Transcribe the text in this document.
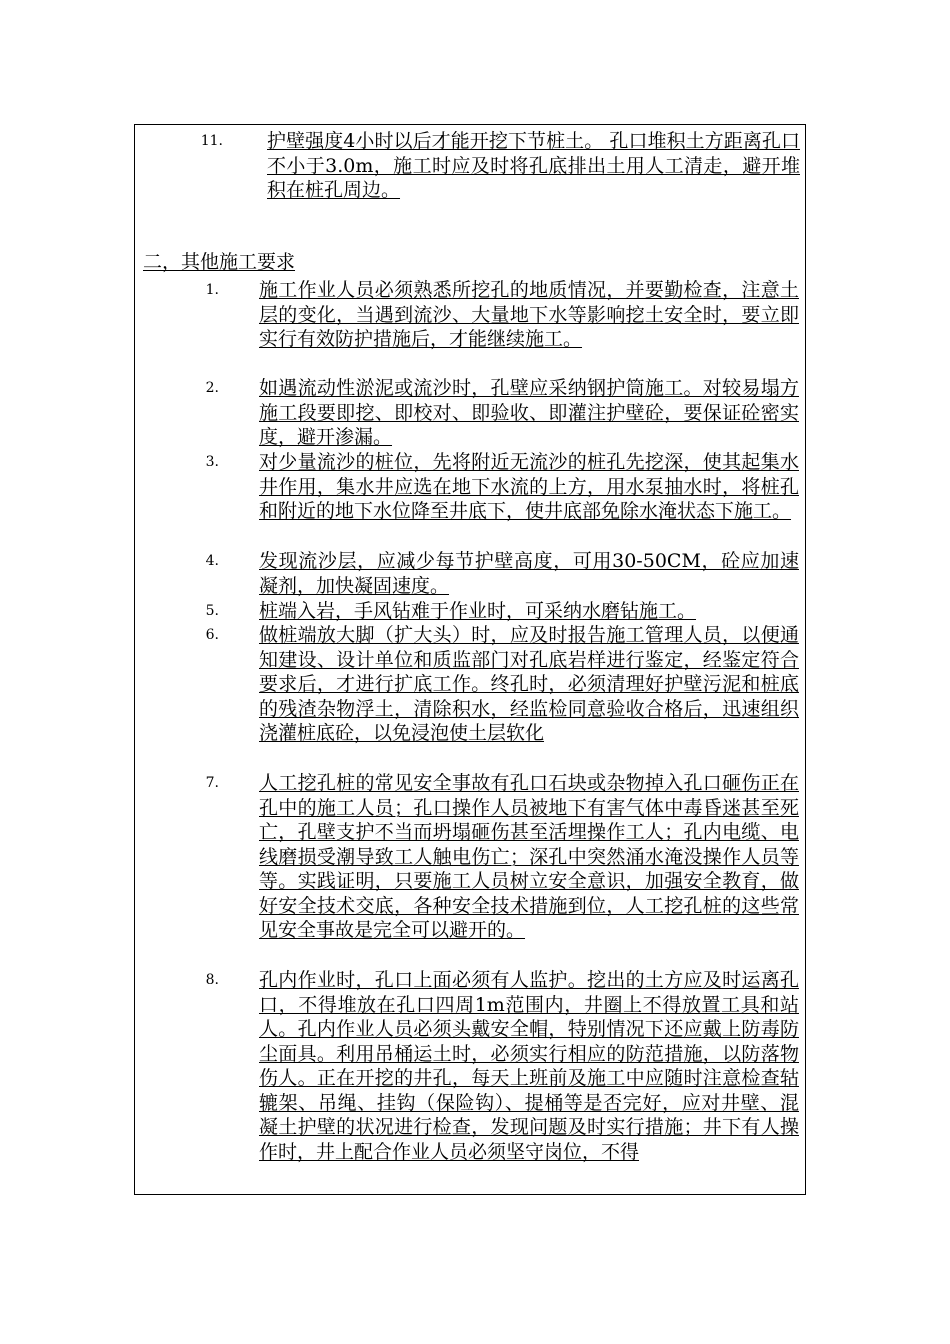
11. 护壁强度4小时以后才能开挖下节桩土。 孔口堆积土方距离孔口不小于3.0m，施工时应及时将孔底排出土用人工清走，避开堆积在桩孔周边。
二，其他施工要求
1. 施工作业人员必须熟悉所挖孔的地质情况，并要勤检查，注意土层的变化，当遇到流沙、大量地下水等影响挖土安全时，要立即实行有效防护措施后，才能继续施工。
2. 如遇流动性淤泥或流沙时，孔壁应采纳钢护筒施工。对较易塌方施工段要即挖、即校对、即验收、即灌注护壁砼，要保证砼密实度，避开渗漏。
3. 对少量流沙的桩位，先将附近无流沙的桩孔先挖深，使其起集水井作用，集水井应选在地下水流的上方，用水泵抽水时，将桩孔和附近的地下水位降至井底下，使井底部免除水淹状态下施工。
4. 发现流沙层，应减少每节护壁高度，可用30-50CM，砼应加速凝剂，加快凝固速度。
5. 桩端入岩，手风钻难于作业时，可采纳水磨钻施工。
6. 做桩端放大脚（扩大头）时，应及时报告施工管理人员，以便通知建设、设计单位和质监部门对孔底岩样进行鉴定，经鉴定符合要求后，才进行扩底工作。终孔时，必须清理好护壁污泥和桩底的残渣杂物浮土，清除积水，经监检同意验收合格后，迅速组织浇灌桩底砼，以免浸泡使土层软化
7. 人工挖孔桩的常见安全事故有孔口石块或杂物掉入孔口砸伤正在孔中的施工人员；孔口操作人员被地下有害气体中毒昏迷甚至死亡，孔壁支护不当而坍塌砸伤甚至活埋操作工人；孔内电缆、电线磨损受潮导致工人触电伤亡；深孔中突然涌水淹没操作人员等等。实践证明，只要施工人员树立安全意识，加强安全教育，做好安全技术交底，各种安全技术措施到位，人工挖孔桩的这些常见安全事故是完全可以避开的。
8. 孔内作业时，孔口上面必须有人监护。挖出的土方应及时运离孔口，不得堆放在孔口四周1m范围内，井圈上不得放置工具和站人。孔内作业人员必须头戴安全帽，特别情况下还应戴上防毒防尘面具。利用吊桶运土时，必须实行相应的防范措施，以防落物伤人。正在开挖的井孔，每天上班前及施工中应随时注意检查轱辘架、吊绳、挂钩（保险钩）、提桶等是否完好，应对井壁、混凝土护壁的状况进行检查，发现问题及时实行措施；井下有人操作时，井上配合作业人员必须坚守岗位，不得
